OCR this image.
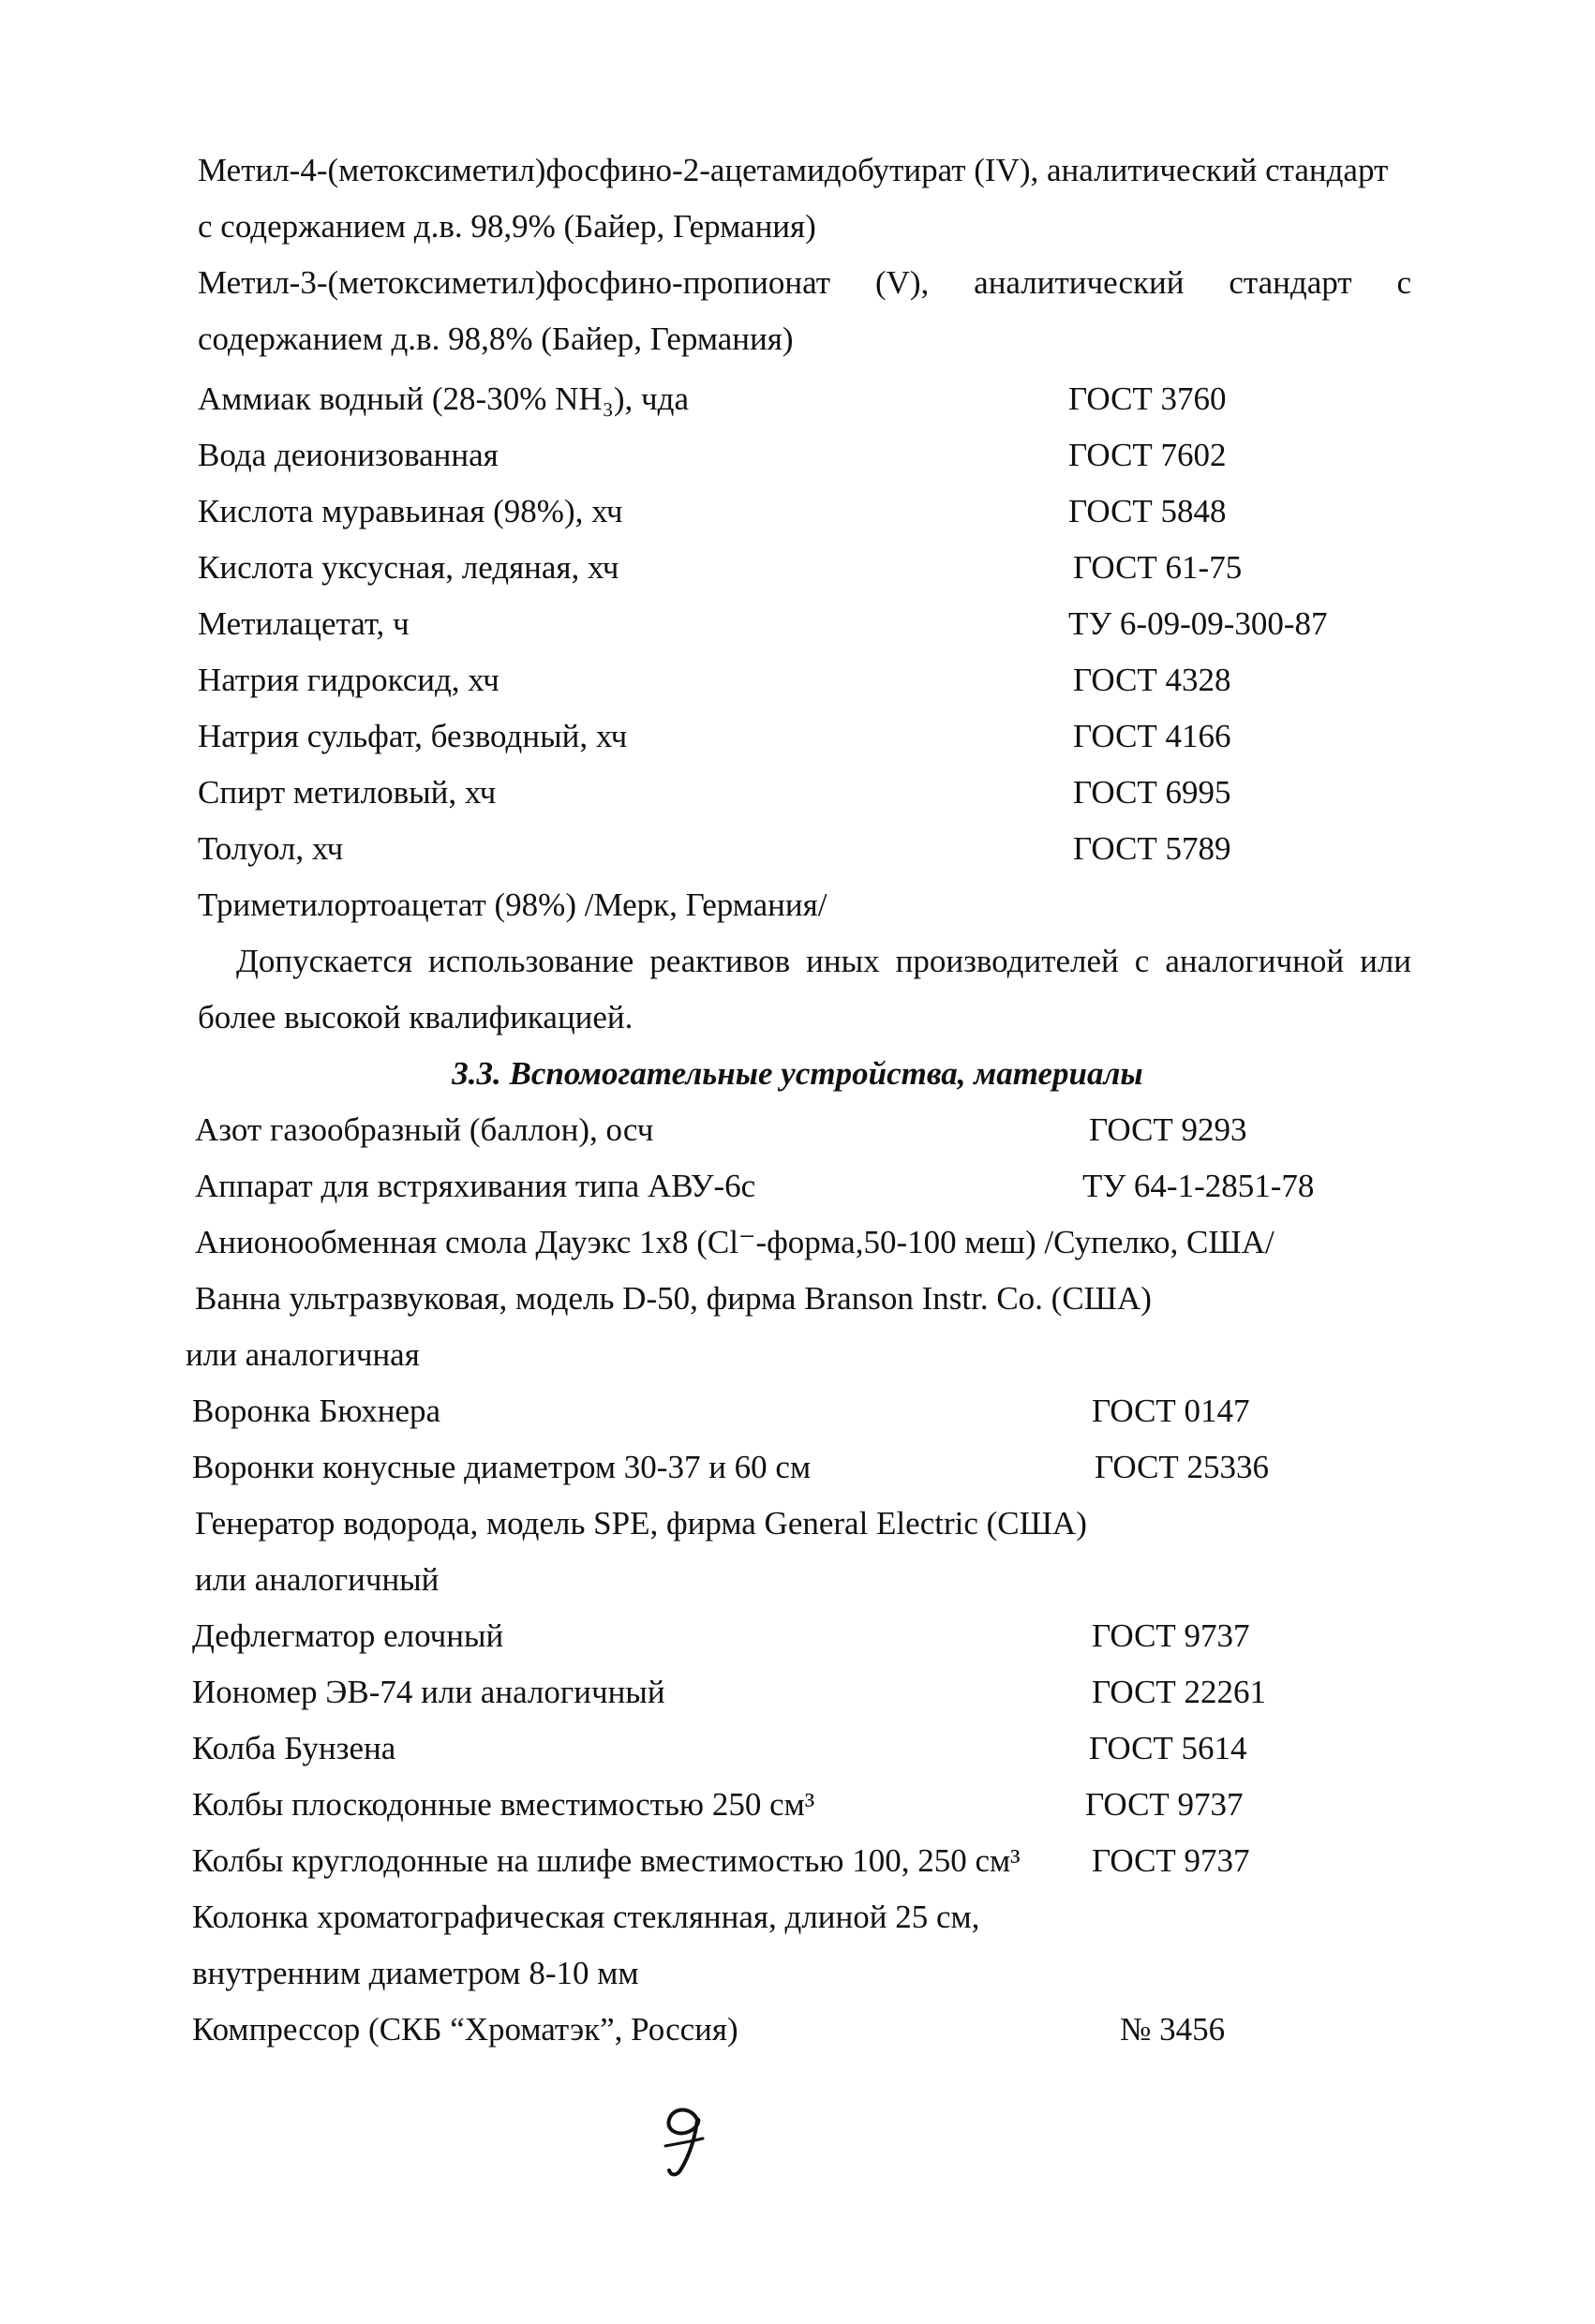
Метил-4-(метоксиметил)фосфино-2-ацетамидобутират (IV), аналитический стандарт
с содержанием д.в. 98,9% (Байер, Германия)
Метил-3-(метоксиметил)фосфино-пропионат (V), аналитический стандарт с
содержанием д.в. 98,8% (Байер, Германия)
Аммиак водный (28-30% NH₃), чда	ГОСТ 3760
Вода деионизованная	ГОСТ 7602
Кислота муравьиная (98%), хч	ГОСТ 5848
Кислота уксусная, ледяная, хч	ГОСТ 61-75
Метилацетат, ч	ТУ 6-09-09-300-87
Натрия гидроксид, хч	ГОСТ 4328
Натрия сульфат, безводный, хч	ГОСТ 4166
Спирт метиловый, хч	ГОСТ 6995
Толуол, хч	ГОСТ 5789
Триметилортоацетат (98%) /Мерк, Германия/
Допускается использование реактивов иных производителей с аналогичной или
более высокой квалификацией.
3.3. Вспомогательные устройства, материалы
Азот газообразный (баллон), осч	ГОСТ 9293
Аппарат для встряхивания типа АВУ-6с	ТУ 64-1-2851-78
Анионообменная смола Дауэкс 1х8 (Cl⁻-форма,50-100 меш) /Супелко, США/
Ванна ультразвуковая, модель D-50, фирма Branson Instr. Co. (США)
или аналогичная
Воронка Бюхнера	ГОСТ 0147
Воронки конусные диаметром 30-37 и 60 см	ГОСТ 25336
Генератор водорода, модель SPE, фирма General Electric (США)
или аналогичный
Дефлегматор елочный	ГОСТ 9737
Иономер ЭВ-74 или аналогичный	ГОСТ 22261
Колба Бунзена	ГОСТ 5614
Колбы плоскодонные вместимостью 250 см³	ГОСТ 9737
Колбы круглодонные на шлифе вместимостью 100, 250 см³ ГОСТ 9737
Колонка хроматографическая стеклянная, длиной 25 см,
внутренним диаметром 8-10 мм
Компрессор (СКБ “Хроматэк”, Россия)	№ 3456
